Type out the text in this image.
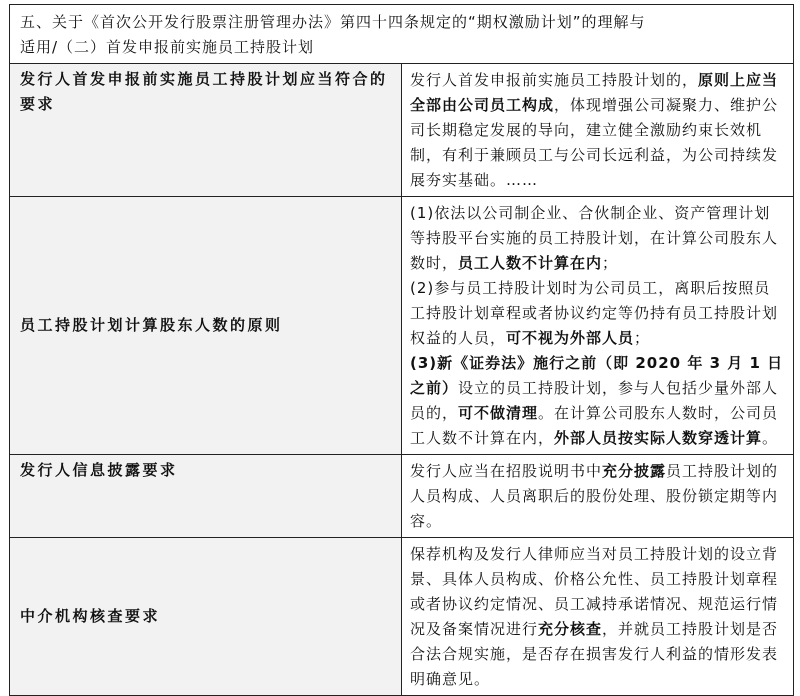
五、关于《首次公开发行股票注册管理办法》第四十四条规定的“期权激励计划”的理解与
适用/（二）首发申报前实施员工持股计划	
发行人首发申报前实施员工持股计划应当符合的要求	发行人首发申报前实施员工持股计划的，原则上应当全部由公司员工构成，体现增强公司凝聚力、维护公司长期稳定发展的导向，建立健全激励约束长效机制，有利于兼顾员工与公司长远利益，为公司持续发展夯实基础。……
员工持股计划计算股东人数的原则	(1)依法以公司制企业、合伙制企业、资产管理计划等持股平台实施的员工持股计划，在计算公司股东人数时，员工人数不计算在内；
(2)参与员工持股计划时为公司员工，离职后按照员工持股计划章程或者协议约定等仍持有员工持股计划权益的人员，可不视为外部人员；
(3)新《证券法》施行之前（即 2020 年 3 月 1 日之前）设立的员工持股计划，参与人包括少量外部人员的，可不做清理。在计算公司股东人数时，公司员工人数不计算在内，外部人员按实际人数穿透计算。

发行人信息披露要求	发行人应当在招股说明书中充分披露员工持股计划的人员构成、人员离职后的股份处理、股份锁定期等内容。
中介机构核查要求	保荐机构及发行人律师应当对员工持股计划的设立背景、具体人员构成、价格公允性、员工持股计划章程或者协议约定情况、员工减持承诺情况、规范运行情况及备案情况进行充分核查，并就员工持股计划是否合法合规实施，是否存在损害发行人利益的情形发表明确意见。
